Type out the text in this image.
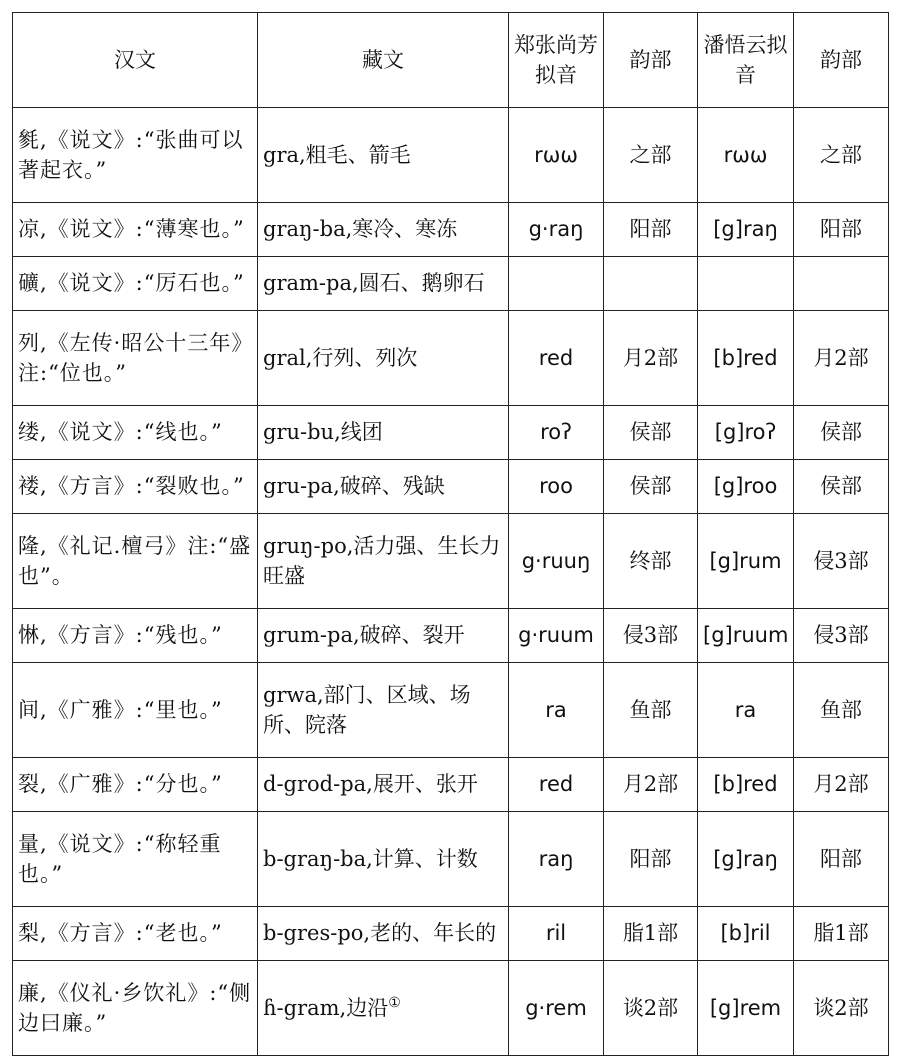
汉文	藏文	郑张尚芳拟音	韵部	潘悟云拟音	韵部
毿,《说文》:“张曲可以著起衣。”	gra,粗毛、箭毛	rωω	之部	rωω	之部
凉,《说文》:“薄寒也。”	graŋ-ba,寒冷、寒冻	g·raŋ	阳部	[g]raŋ	阳部
礦,《说文》:“厉石也。”	gram-pa,圆石、鹅卵石				
列,《左传·昭公十三年》注:“位也。”	gral,行列、列次	red	月2部	[b]red	月2部
缕,《说文》:“线也。”	gru-bu,线团	roʔ	侯部	[g]roʔ	侯部
褛,《方言》:“裂败也。”	gru-pa,破碎、残缺	roo	侯部	[g]roo	侯部
隆,《礼记.檀弓》注:“盛也”。	gruŋ-po,活力强、生长力旺盛	g·ruuŋ	终部	[g]rum	侵3部
惏,《方言》:“残也。”	grum-pa,破碎、裂开	g·ruum	侵3部	[g]ruum	侵3部
间,《广雅》:“里也。”	grwa,部门、区域、场所、院落	ra	鱼部	ra	鱼部
裂,《广雅》:“分也。”	d-grod-pa,展开、张开	red	月2部	[b]red	月2部
量,《说文》:“称轻重也。”	b-graŋ-ba,计算、计数	raŋ	阳部	[g]raŋ	阳部
梨,《方言》:“老也。”	b-gres-po,老的、年长的	ril	脂1部	[b]ril	脂1部
廉,《仪礼·乡饮礼》:“侧边曰廉。”	ɦ-gram,边沿①	g·rem	谈2部	[g]rem	谈2部
